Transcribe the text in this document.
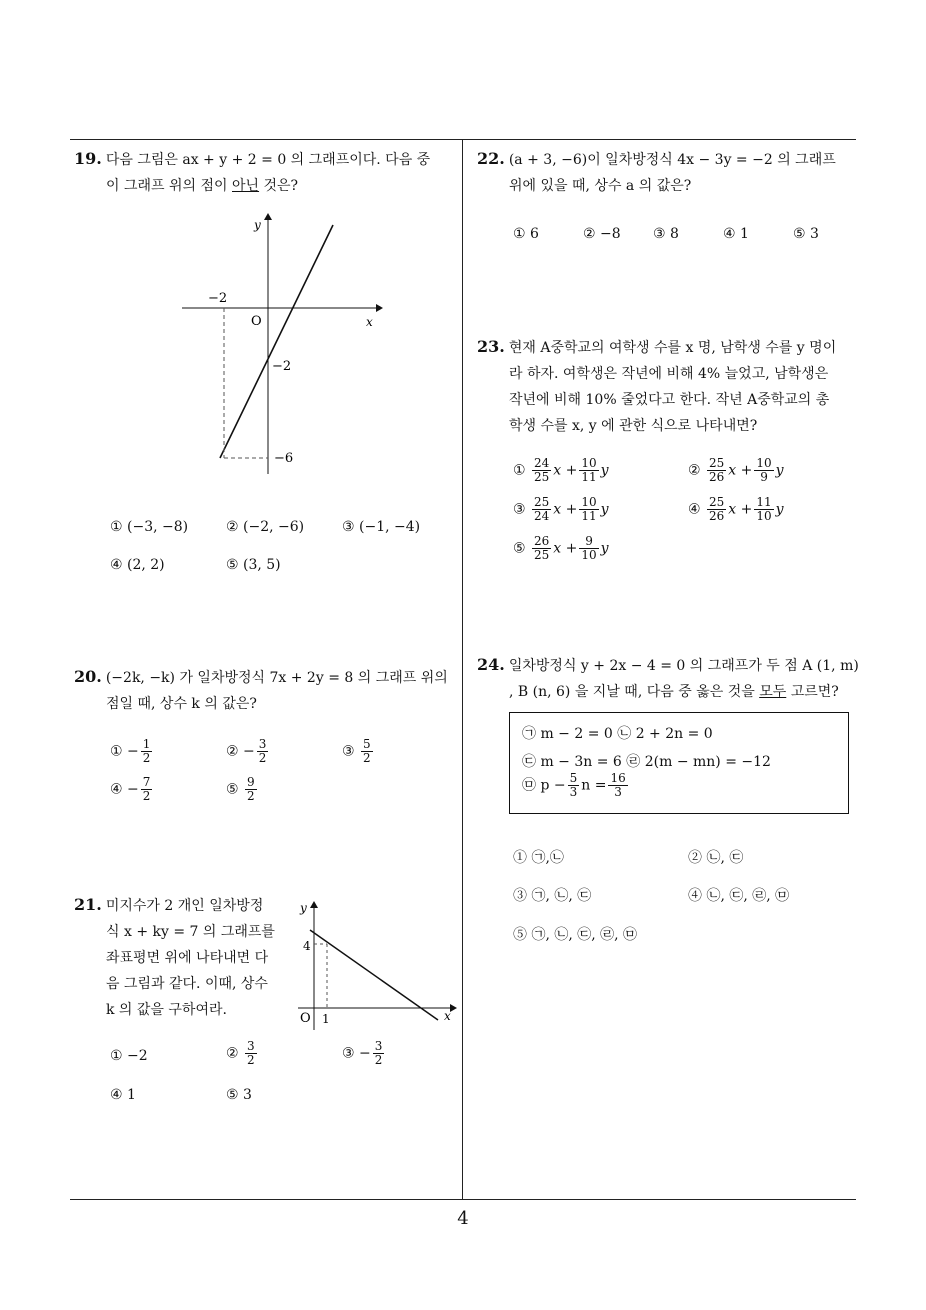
19. 다음 그림은 ax + y + 2 = 0 의 그래프이다. 다음 중
이 그래프 위의 점이 아닌 것은?
y
x
O
−2
−2
−6
① (−3, −8)	② (−2, −6)	③ (−1, −4)
④ (2, 2)	⑤ (3, 5)
20. (−2k, −k) 가 일차방정식 7x + 2y = 8 의 그래프 위의
점일 때, 상수 k 의 값은?
① − $\frac{1}{2}$	② − $\frac{3}{2}$	③ $\frac{5}{2}$
④ − $\frac{7}{2}$	⑤ $\frac{9}{2}$
21. 미지수가 2 개인 일차방정
식 x + ky = 7 의 그래프를
좌표평면 위에 나타내면 다
음 그림과 같다. 이때, 상수
k 의 값을 구하여라.
y
x
O 1
4
① −2	② $\frac{3}{2}$	③ − $\frac{3}{2}$
④ 1	⑤ 3
22. (a + 3, −6)이 일차방정식 4x − 3y = −2 의 그래프
위에 있을 때, 상수 a 의 값은?
① 6	② −8 ③ 8	④ 1	⑤ 3
23. 현재 A중학교의 여학생 수를 x 명, 남학생 수를 y 명이
라 하자. 여학생은 작년에 비해 4% 늘었고, 남학생은
작년에 비해 10% 줄었다고 한다. 작년 A중학교의 총
학생 수를 x, y 에 관한 식으로 나타내면?
① $\frac{24}{25}$ $x + \frac{10}{11}$ y	② $\frac{25}{26}$ $x + \frac{10}{9}$ y
③ $\frac{25}{24}$ $x + \frac{10}{11}$ y	④ $\frac{25}{26}$ $x + \frac{11}{10}$ y
⑤ $\frac{26}{25}$ $x + \frac{9}{10}$ y
24. 일차방정식 y + 2x − 4 = 0 의 그래프가 두 점 A (1, m)
, B (n, 6) 을 지날 때, 다음 중 옳은 것을 모두 고르면?
㉠ m − 2 = 0 ㉡ 2 + 2n = 0
㉢ m − 3n = 6 ㉣ 2(m − mn) = −12
㉤ $p - \frac{5}{3}$ $n = \frac{16}{3}$
① ㉠,㉡	② ㉡, ㉢
③ ㉠, ㉡, ㉢	④ ㉡, ㉢, ㉣, ㉤
⑤ ㉠, ㉡, ㉢, ㉣, ㉤
4
